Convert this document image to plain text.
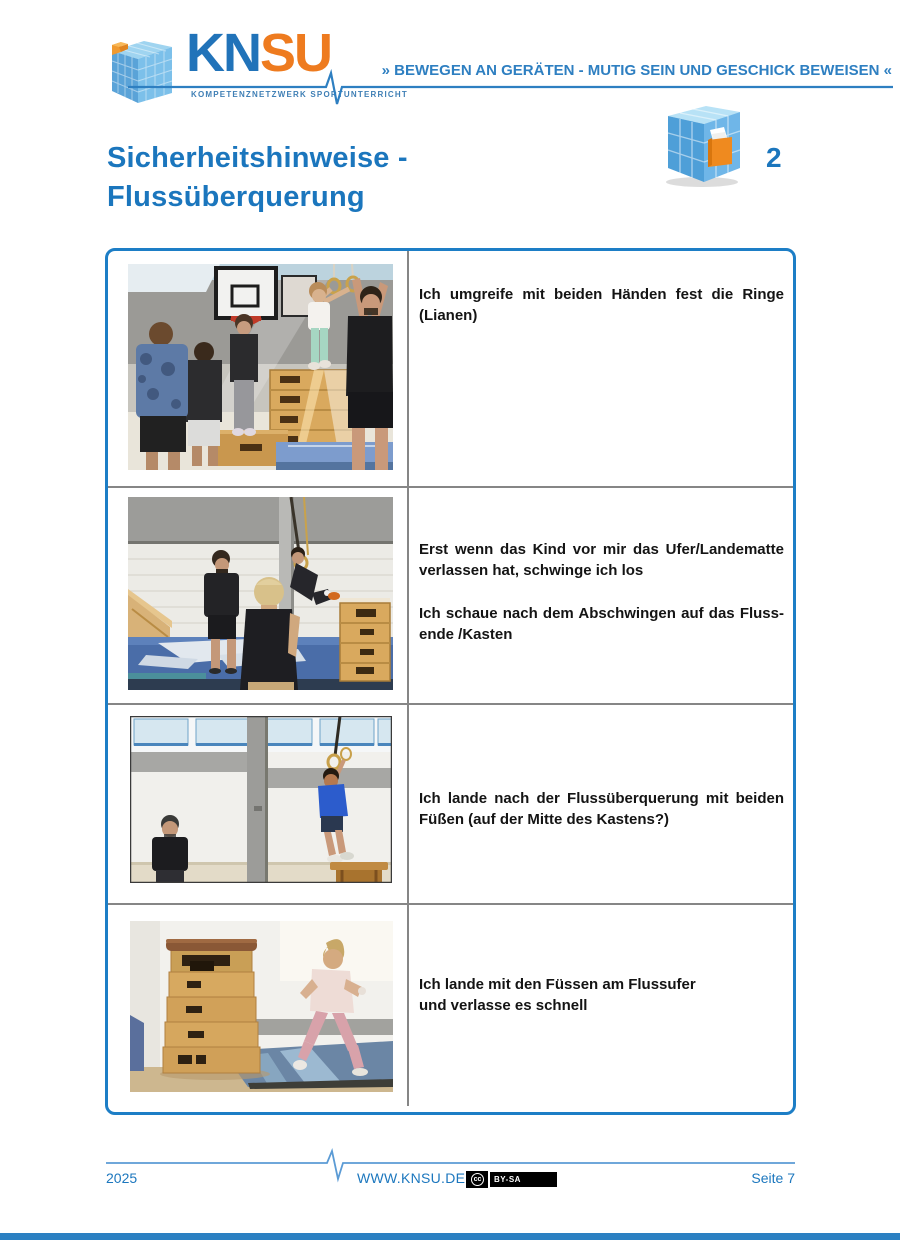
KNSU
KOMPETENZNETZWERK SPORTUNTERRICHT
» BEWEGEN AN GERÄTEN - MUTIG SEIN UND GESCHICK BEWEISEN «
Sicherheitshinweise -
Flussüberquerung
2
Ich umgreife mit beiden Händen fest die Ringe
(Lianen)
Erst wenn das Kind vor mir das Ufer/Landematte
verlassen hat, schwinge ich los
Ich schaue nach dem Abschwingen auf das Fluss-
ende /Kasten
Ich lande nach der Flussüberquerung mit beiden
Füßen (auf der Mitte des Kastens?)
Ich lande mit den Füssen am Flussufer
und verlasse es schnell
2025	WWW.KNSU.DE	cc	BY-SA	Seite 7
